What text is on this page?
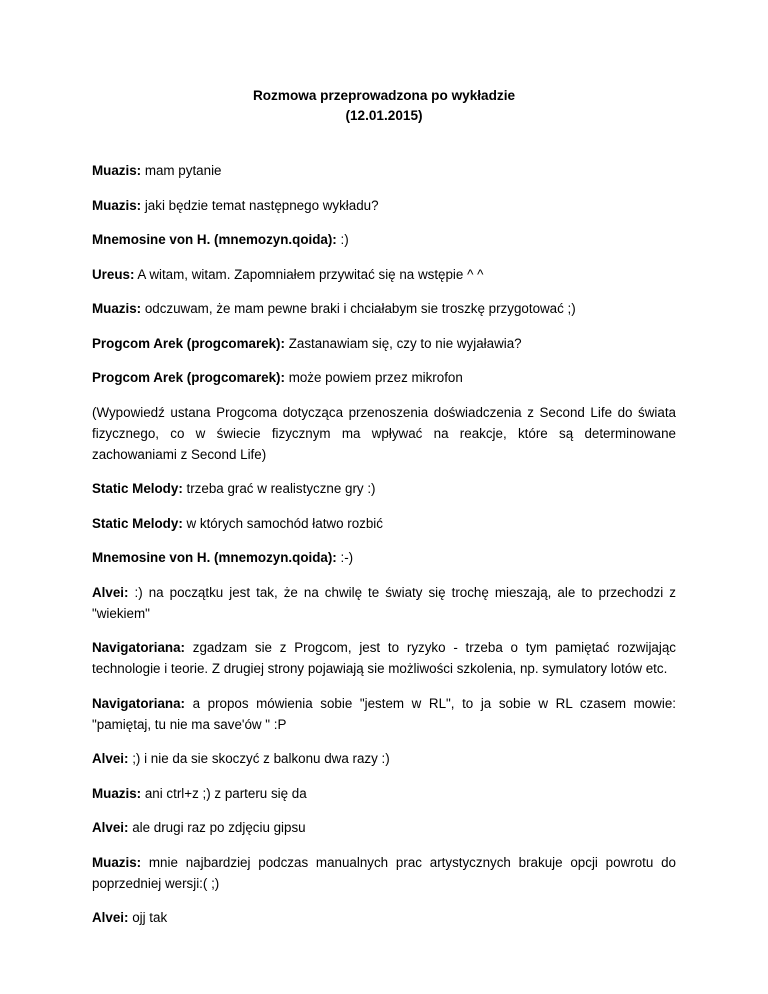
Rozmowa przeprowadzona po wykładzie
(12.01.2015)

Muazis: mam pytanie

Muazis: jaki będzie temat następnego wykładu?

Mnemosine von H. (mnemozyn.qoida): :)

Ureus: A witam, witam. Zapomniałem przywitać się na wstępie ^ ^

Muazis: odczuwam, że mam pewne braki i chciałabym sie troszkę przygotować ;)

Progcom Arek (progcomarek): Zastanawiam się, czy to nie wyjaławia?

Progcom Arek (progcomarek): może powiem przez mikrofon

(Wypowiedź ustana Progcoma dotycząca przenoszenia doświadczenia z Second Life do świata fizycznego, co w świecie fizycznym ma wpływać na reakcje, które są determinowane zachowaniami z Second Life)

Static Melody: trzeba grać w realistyczne gry :)

Static Melody: w których samochód łatwo rozbić

Mnemosine von H. (mnemozyn.qoida): :-)

Alvei: :) na początku jest tak, że na chwilę te światy się trochę mieszają, ale to przechodzi z "wiekiem"

Navigatoriana: zgadzam sie z Progcom, jest to ryzyko - trzeba o tym pamiętać rozwijając technologie i teorie. Z drugiej strony pojawiają sie możliwości szkolenia, np. symulatory lotów etc.

Navigatoriana: a propos mówienia sobie "jestem w RL", to ja sobie w RL czasem mowie: "pamiętaj, tu nie ma save'ów " :P

Alvei: ;) i nie da sie skoczyć z balkonu dwa razy :)

Muazis: ani ctrl+z ;) z parteru się da

Alvei: ale drugi raz po zdjęciu gipsu

Muazis: mnie najbardziej podczas manualnych prac artystycznych brakuje opcji powrotu do poprzedniej wersji:( ;)

Alvei: ojj tak
